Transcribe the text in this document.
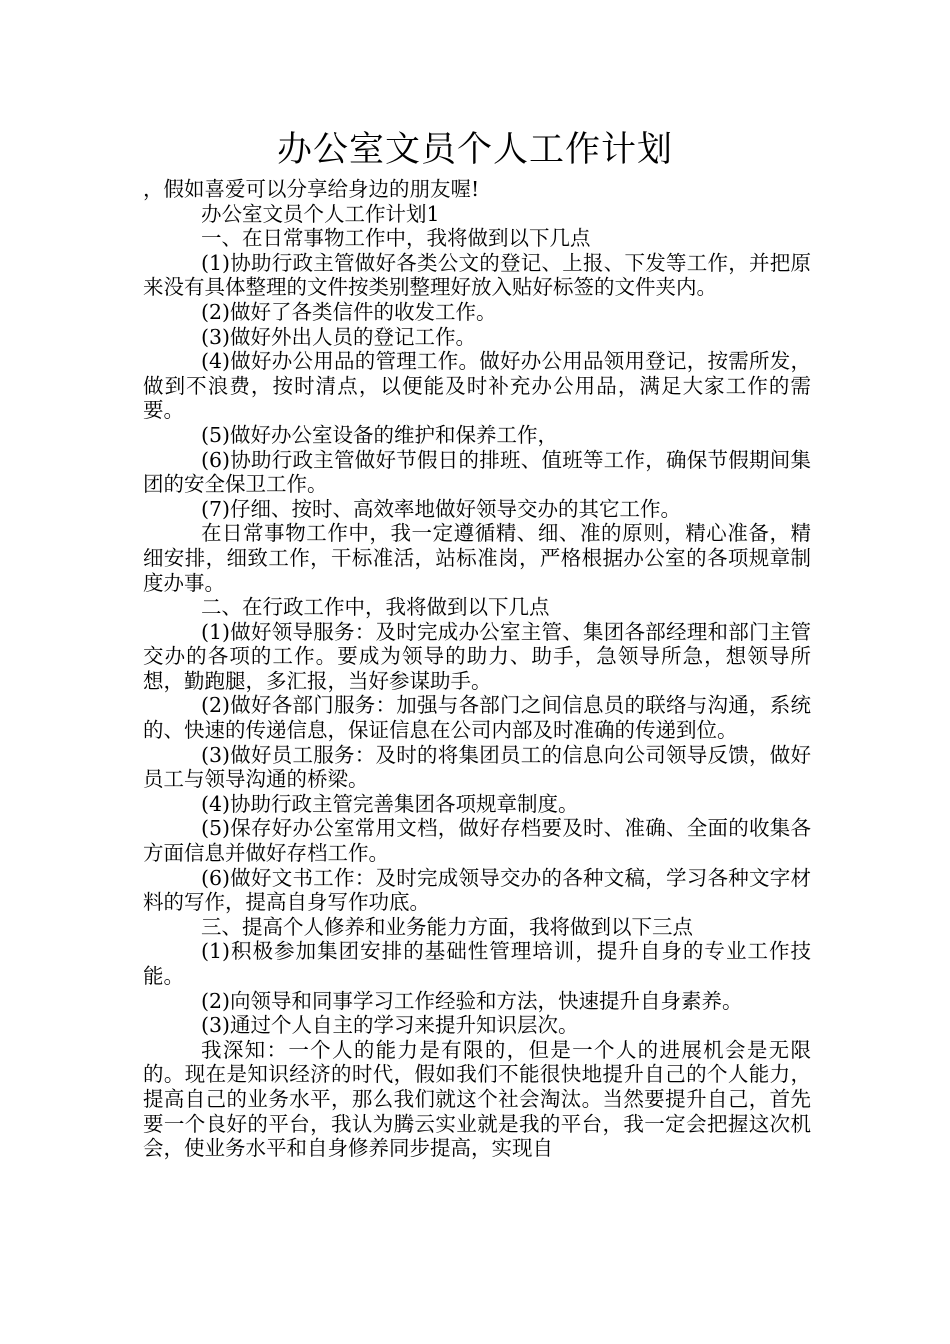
办公室文员个人工作计划

，假如喜爱可以分享给身边的朋友喔!

办公室文员个人工作计划1

一、在日常事物工作中，我将做到以下几点

(1)协助行政主管做好各类公文的登记、上报、下发等工作，并把原来没有具体整理的文件按类别整理好放入贴好标签的文件夹内。

(2)做好了各类信件的收发工作。

(3)做好外出人员的登记工作。

(4)做好办公用品的管理工作。做好办公用品领用登记，按需所发，做到不浪费，按时清点，以便能及时补充办公用品，满足大家工作的需要。

(5)做好办公室设备的维护和保养工作，

(6)协助行政主管做好节假日的排班、值班等工作，确保节假期间集团的安全保卫工作。

(7)仔细、按时、高效率地做好领导交办的其它工作。

在日常事物工作中，我一定遵循精、细、准的原则，精心准备，精细安排，细致工作，干标准活，站标准岗，严格根据办公室的各项规章制度办事。

二、在行政工作中，我将做到以下几点

(1)做好领导服务：及时完成办公室主管、集团各部经理和部门主管交办的各项的工作。要成为领导的助力、助手，急领导所急，想领导所想，勤跑腿，多汇报，当好参谋助手。

(2)做好各部门服务：加强与各部门之间信息员的联络与沟通，系统的、快速的传递信息，保证信息在公司内部及时准确的传递到位。

(3)做好员工服务：及时的将集团员工的信息向公司领导反馈，做好员工与领导沟通的桥梁。

(4)协助行政主管完善集团各项规章制度。

(5)保存好办公室常用文档，做好存档要及时、准确、全面的收集各方面信息并做好存档工作。

(6)做好文书工作：及时完成领导交办的各种文稿，学习各种文字材料的写作，提高自身写作功底。

三、提高个人修养和业务能力方面，我将做到以下三点

(1)积极参加集团安排的基础性管理培训，提升自身的专业工作技能。

(2)向领导和同事学习工作经验和方法，快速提升自身素养。

(3)通过个人自主的学习来提升知识层次。

我深知：一个人的能力是有限的，但是一个人的进展机会是无限的。现在是知识经济的时代，假如我们不能很快地提升自己的个人能力，提高自己的业务水平，那么我们就这个社会淘汰。当然要提升自己，首先要一个良好的平台，我认为腾云实业就是我的平台，我一定会把握这次机会，使业务水平和自身修养同步提高，实现自
